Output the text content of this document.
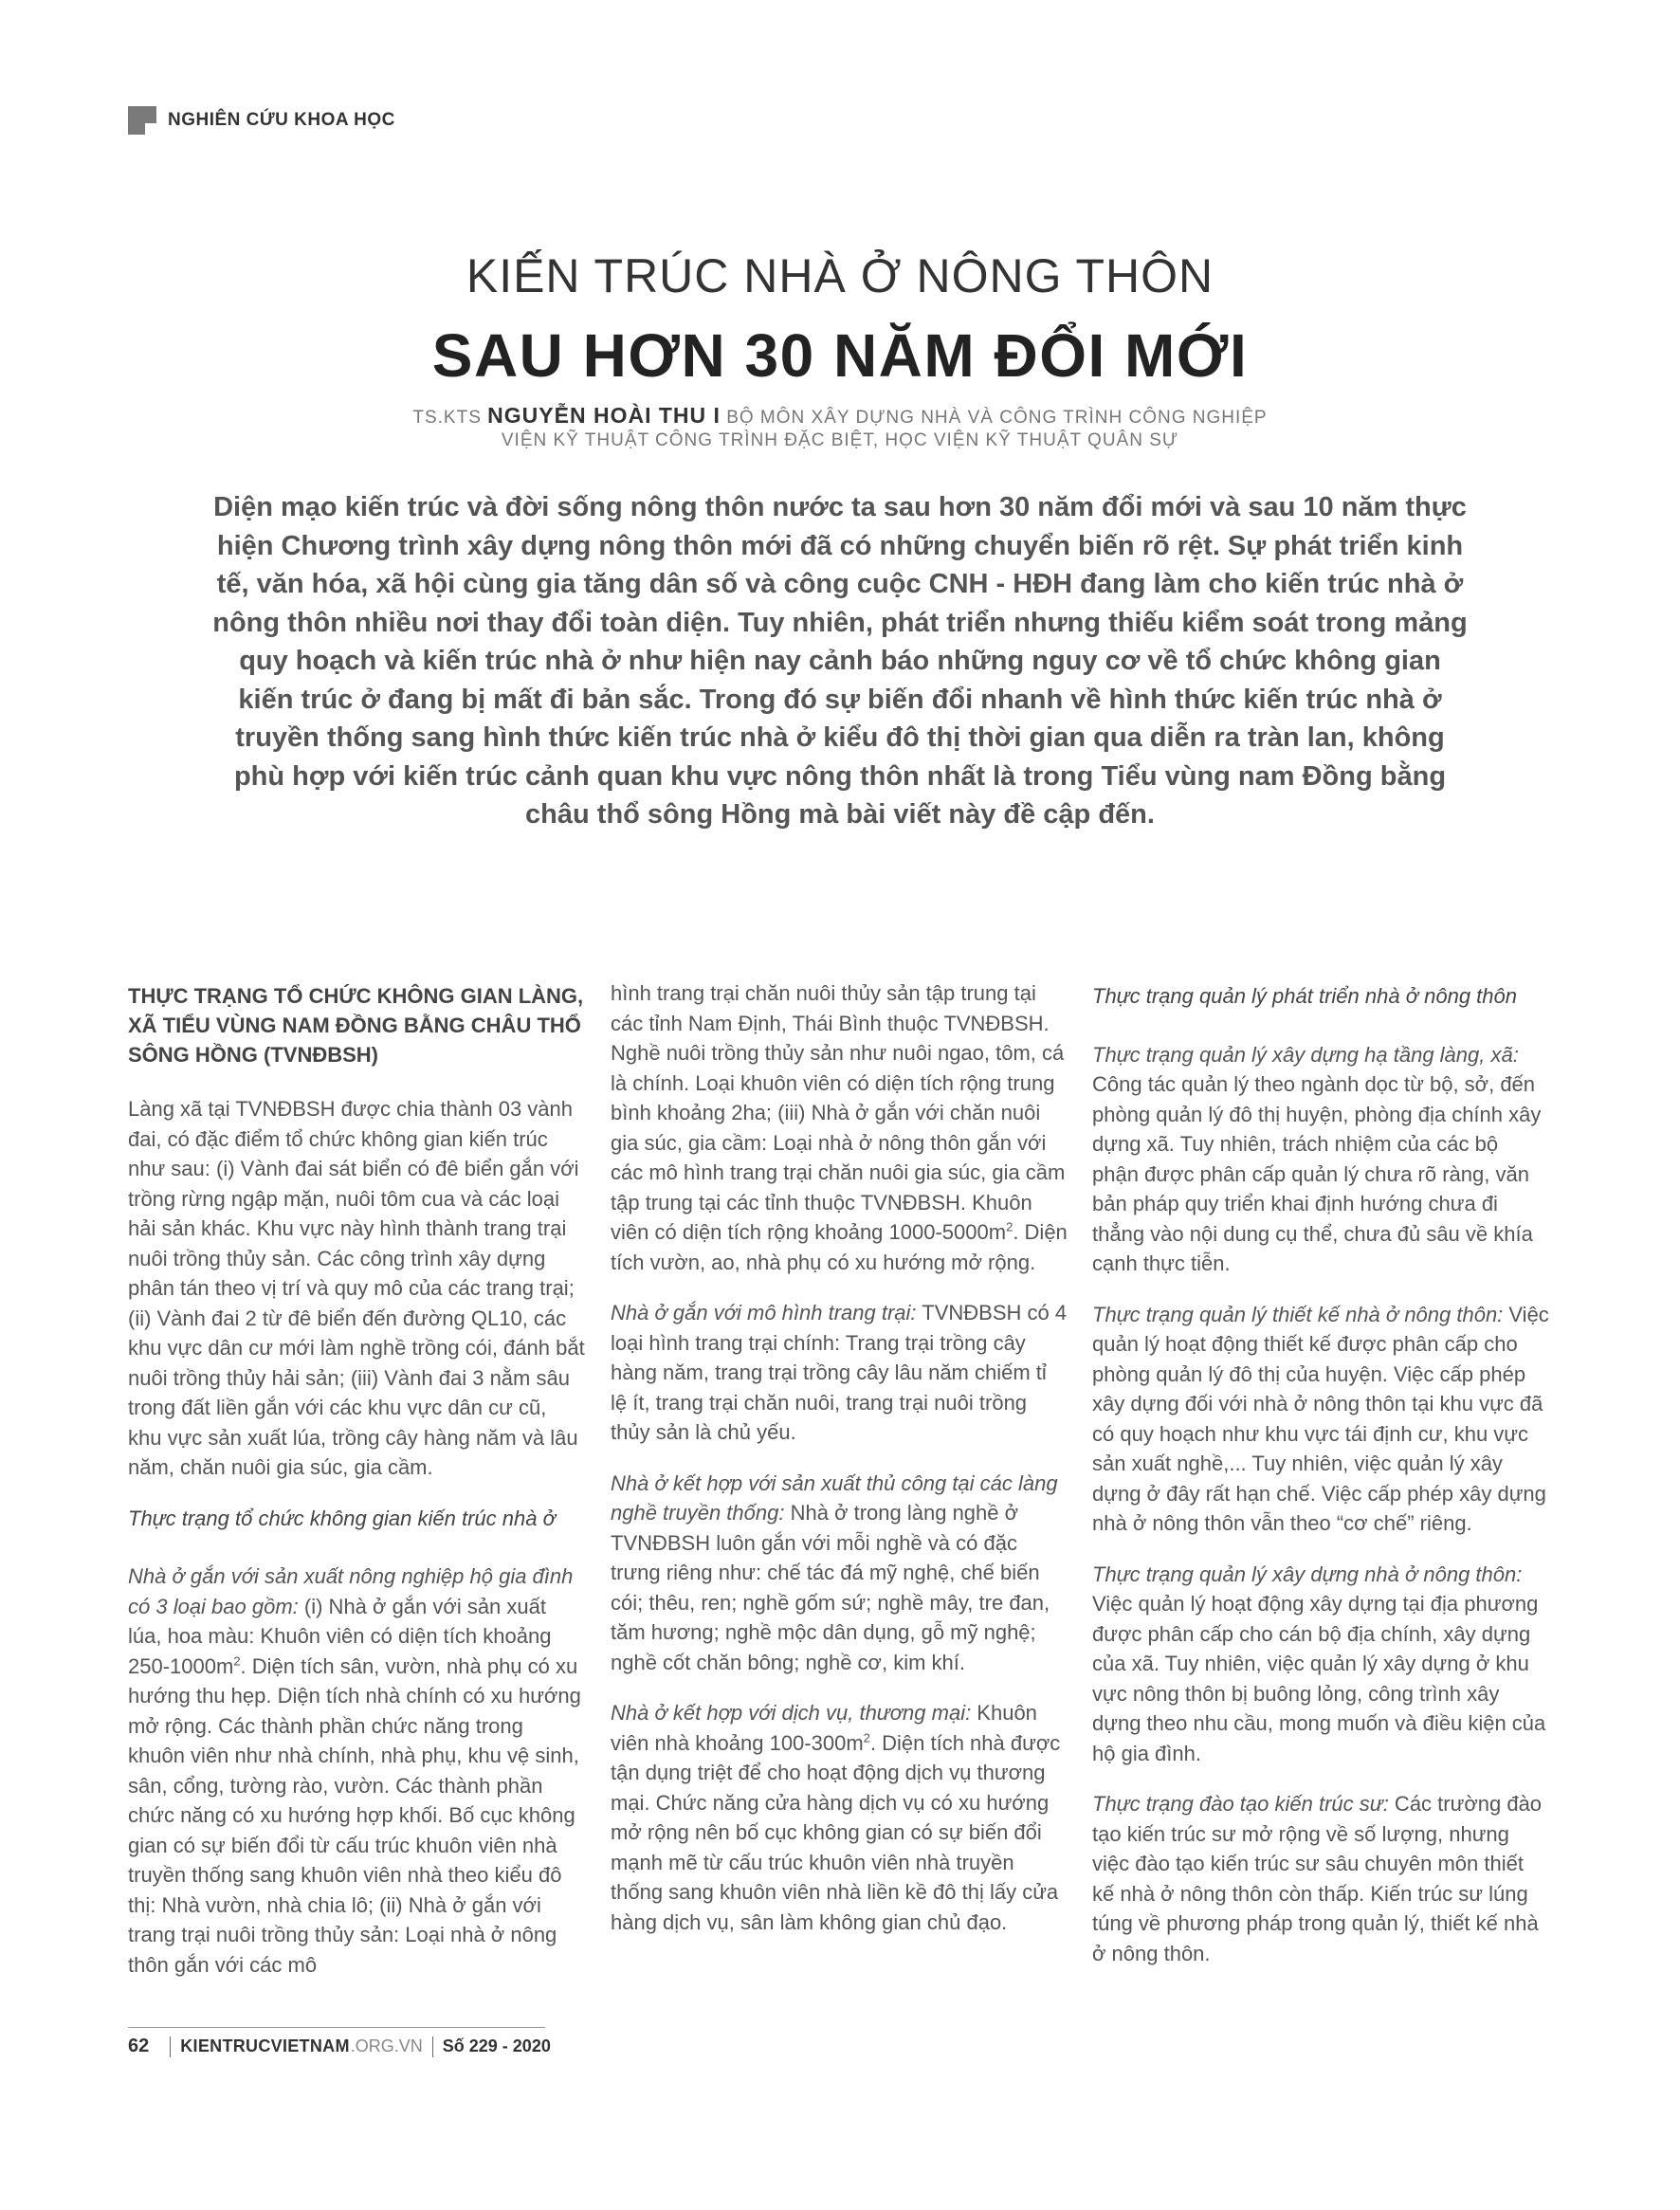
NGHIÊN CỨU KHOA HỌC
KIẾN TRÚC NHÀ Ở NÔNG THÔN
SAU HƠN 30 NĂM ĐỔI MỚI
TS.KTS NGUYỄN HOÀI THU I BỘ MÔN XÂY DỰNG NHÀ VÀ CÔNG TRÌNH CÔNG NGHIỆP
VIỆN KỸ THUẬT CÔNG TRÌNH ĐẶC BIỆT, HỌC VIỆN KỸ THUẬT QUÂN SỰ
Diện mạo kiến trúc và đời sống nông thôn nước ta sau hơn 30 năm đổi mới và sau 10 năm thực hiện Chương trình xây dựng nông thôn mới đã có những chuyển biến rõ rệt. Sự phát triển kinh tế, văn hóa, xã hội cùng gia tăng dân số và công cuộc CNH - HĐH đang làm cho kiến trúc nhà ở nông thôn nhiều nơi thay đổi toàn diện. Tuy nhiên, phát triển nhưng thiếu kiểm soát trong mảng quy hoạch và kiến trúc nhà ở như hiện nay cảnh báo những nguy cơ về tổ chức không gian kiến trúc ở đang bị mất đi bản sắc. Trong đó sự biến đổi nhanh về hình thức kiến trúc nhà ở truyền thống sang hình thức kiến trúc nhà ở kiểu đô thị thời gian qua diễn ra tràn lan, không phù hợp với kiến trúc cảnh quan khu vực nông thôn nhất là trong Tiểu vùng nam Đồng bằng châu thổ sông Hồng mà bài viết này đề cập đến.
THỰC TRẠNG TỔ CHỨC KHÔNG GIAN LÀNG, XÃ TIỂU VÙNG NAM ĐỒNG BẰNG CHÂU THỔ SÔNG HỒNG (TVNĐBSH)

Làng xã tại TVNĐBSH được chia thành 03 vành đai, có đặc điểm tổ chức không gian kiến trúc như sau: (i) Vành đai sát biển có đê biển gắn với trồng rừng ngập mặn, nuôi tôm cua và các loại hải sản khác. Khu vực này hình thành trang trại nuôi trồng thủy sản. Các công trình xây dựng phân tán theo vị trí và quy mô của các trang trại; (ii) Vành đai 2 từ đê biển đến đường QL10, các khu vực dân cư mới làm nghề trồng cói, đánh bắt nuôi trồng thủy hải sản; (iii) Vành đai 3 nằm sâu trong đất liền gắn với các khu vực dân cư cũ, khu vực sản xuất lúa, trồng cây hàng năm và lâu năm, chăn nuôi gia súc, gia cầm.

Thực trạng tổ chức không gian kiến trúc nhà ở

Nhà ở gắn với sản xuất nông nghiệp hộ gia đình có 3 loại bao gồm: (i) Nhà ở gắn với sản xuất lúa, hoa màu: Khuôn viên có diện tích khoảng $250-1000m^2$. Diện tích sân, vườn, nhà phụ có xu hướng thu hẹp. Diện tích nhà chính có xu hướng mở rộng. Các thành phần chức năng trong khuôn viên như nhà chính, nhà phụ, khu vệ sinh, sân, cổng, tường rào, vườn. Các thành phần chức năng có xu hướng hợp khối. Bố cục không gian có sự biến đổi từ cấu trúc khuôn viên nhà truyền thống sang khuôn viên nhà theo kiểu đô thị: Nhà vườn, nhà chia lô; (ii) Nhà ở gắn với trang trại nuôi trồng thủy sản: Loại nhà ở nông thôn gắn với các mô

hình trang trại chăn nuôi thủy sản tập trung tại các tỉnh Nam Định, Thái Bình thuộc TVNĐBSH. Nghề nuôi trồng thủy sản như nuôi ngao, tôm, cá là chính. Loại khuôn viên có diện tích rộng trung bình khoảng 2ha; (iii) Nhà ở gắn với chăn nuôi gia súc, gia cầm: Loại nhà ở nông thôn gắn với các mô hình trang trại chăn nuôi gia súc, gia cầm tập trung tại các tỉnh thuộc TVNĐBSH. Khuôn viên có diện tích rộng khoảng $1000-5000m^2$. Diện tích vườn, ao, nhà phụ có xu hướng mở rộng.

Nhà ở gắn với mô hình trang trại: TVNĐBSH có 4 loại hình trang trại chính: Trang trại trồng cây hàng năm, trang trại trồng cây lâu năm chiếm tỉ lệ ít, trang trại chăn nuôi, trang trại nuôi trồng thủy sản là chủ yếu.

Nhà ở kết hợp với sản xuất thủ công tại các làng nghề truyền thống: Nhà ở trong làng nghề ở TVNĐBSH luôn gắn với mỗi nghề và có đặc trưng riêng như: chế tác đá mỹ nghệ, chế biến cói; thêu, ren; nghề gốm sứ; nghề mây, tre đan, tăm hương; nghề mộc dân dụng, gỗ mỹ nghệ; nghề cốt chăn bông; nghề cơ, kim khí.

Nhà ở kết hợp với dịch vụ, thương mại: Khuôn viên nhà khoảng $100-300m^2$. Diện tích nhà được tận dụng triệt để cho hoạt động dịch vụ thương mại. Chức năng cửa hàng dịch vụ có xu hướng mở rộng nên bố cục không gian có sự biến đổi mạnh mẽ từ cấu trúc khuôn viên nhà truyền thống sang khuôn viên nhà liền kề đô thị lấy cửa hàng dịch vụ, sân làm không gian chủ đạo.

Thực trạng quản lý phát triển nhà ở nông thôn

Thực trạng quản lý xây dựng hạ tầng làng, xã: Công tác quản lý theo ngành dọc từ bộ, sở, đến phòng quản lý đô thị huyện, phòng địa chính xây dựng xã. Tuy nhiên, trách nhiệm của các bộ phận được phân cấp quản lý chưa rõ ràng, văn bản pháp quy triển khai định hướng chưa đi thẳng vào nội dung cụ thể, chưa đủ sâu về khía cạnh thực tiễn.

Thực trạng quản lý thiết kế nhà ở nông thôn: Việc quản lý hoạt động thiết kế được phân cấp cho phòng quản lý đô thị của huyện. Việc cấp phép xây dựng đối với nhà ở nông thôn tại khu vực đã có quy hoạch như khu vực tái định cư, khu vực sản xuất nghề,... Tuy nhiên, việc quản lý xây dựng ở đây rất hạn chế. Việc cấp phép xây dựng nhà ở nông thôn vẫn theo “cơ chế” riêng.

Thực trạng quản lý xây dựng nhà ở nông thôn: Việc quản lý hoạt động xây dựng tại địa phương được phân cấp cho cán bộ địa chính, xây dựng của xã. Tuy nhiên, việc quản lý xây dựng ở khu vực nông thôn bị buông lỏng, công trình xây dựng theo nhu cầu, mong muốn và điều kiện của hộ gia đình.

Thực trạng đào tạo kiến trúc sư: Các trường đào tạo kiến trúc sư mở rộng về số lượng, nhưng việc đào tạo kiến trúc sư sâu chuyên môn thiết kế nhà ở nông thôn còn thấp. Kiến trúc sư lúng túng về phương pháp trong quản lý, thiết kế nhà ở nông thôn.

62 KIENTRUCVIETNAM .ORG.VN Số 229 - 2020
